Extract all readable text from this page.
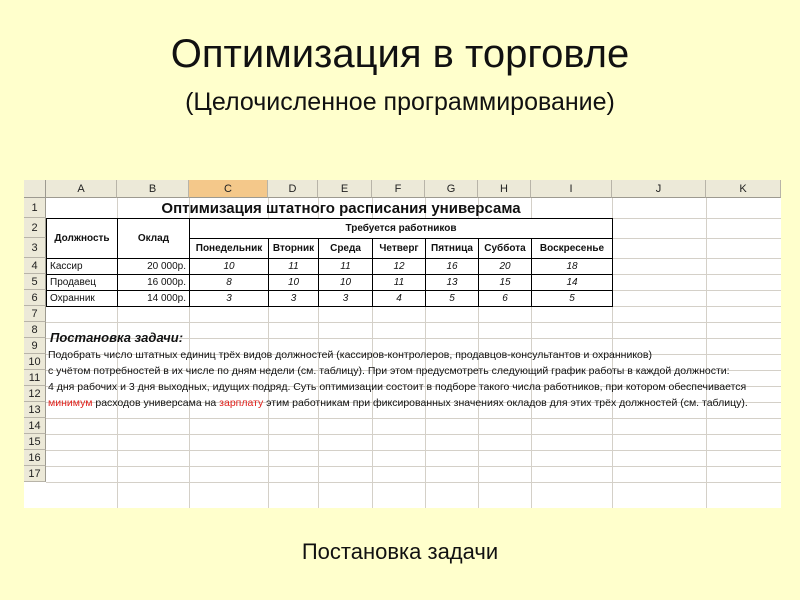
Оптимизация в торговле
(Целочисленное программирование)
A	B	C	D	E	F	G	H	I	J	K
1
2
3
4
5
6
7
8
9
10
11
12
13
14
15
16
17
Оптимизация штатного расписания универсама
Должность	Оклад
Требуется работников
Понедельник	Вторник	Среда	Четверг	Пятница	Суббота	Воскресенье
Кассир	20 000р.	10	11	11	12	16	20	18
Продавец	16 000р.	8	10	10	11	13	15	14
Охранник	14 000р.	3	3	3	4	5	6	5
Постановка задачи:
Подобрать число штатных единиц трёх видов должностей (кассиров-контролеров, продавцов-консультантов и охранников)
с учётом потребностей в их числе по дням недели (см. таблицу). При этом предусмотреть следующий график работы в каждой должности:
4 дня рабочих и 3 дня выходных, идущих подряд. Суть оптимизации состоит в подборе такого числа работников, при котором обеспечивается
минимум расходов универсама на зарплату этим работникам при фиксированных значениях окладов для этих трёх должностей (см. таблицу).
Постановка задачи
